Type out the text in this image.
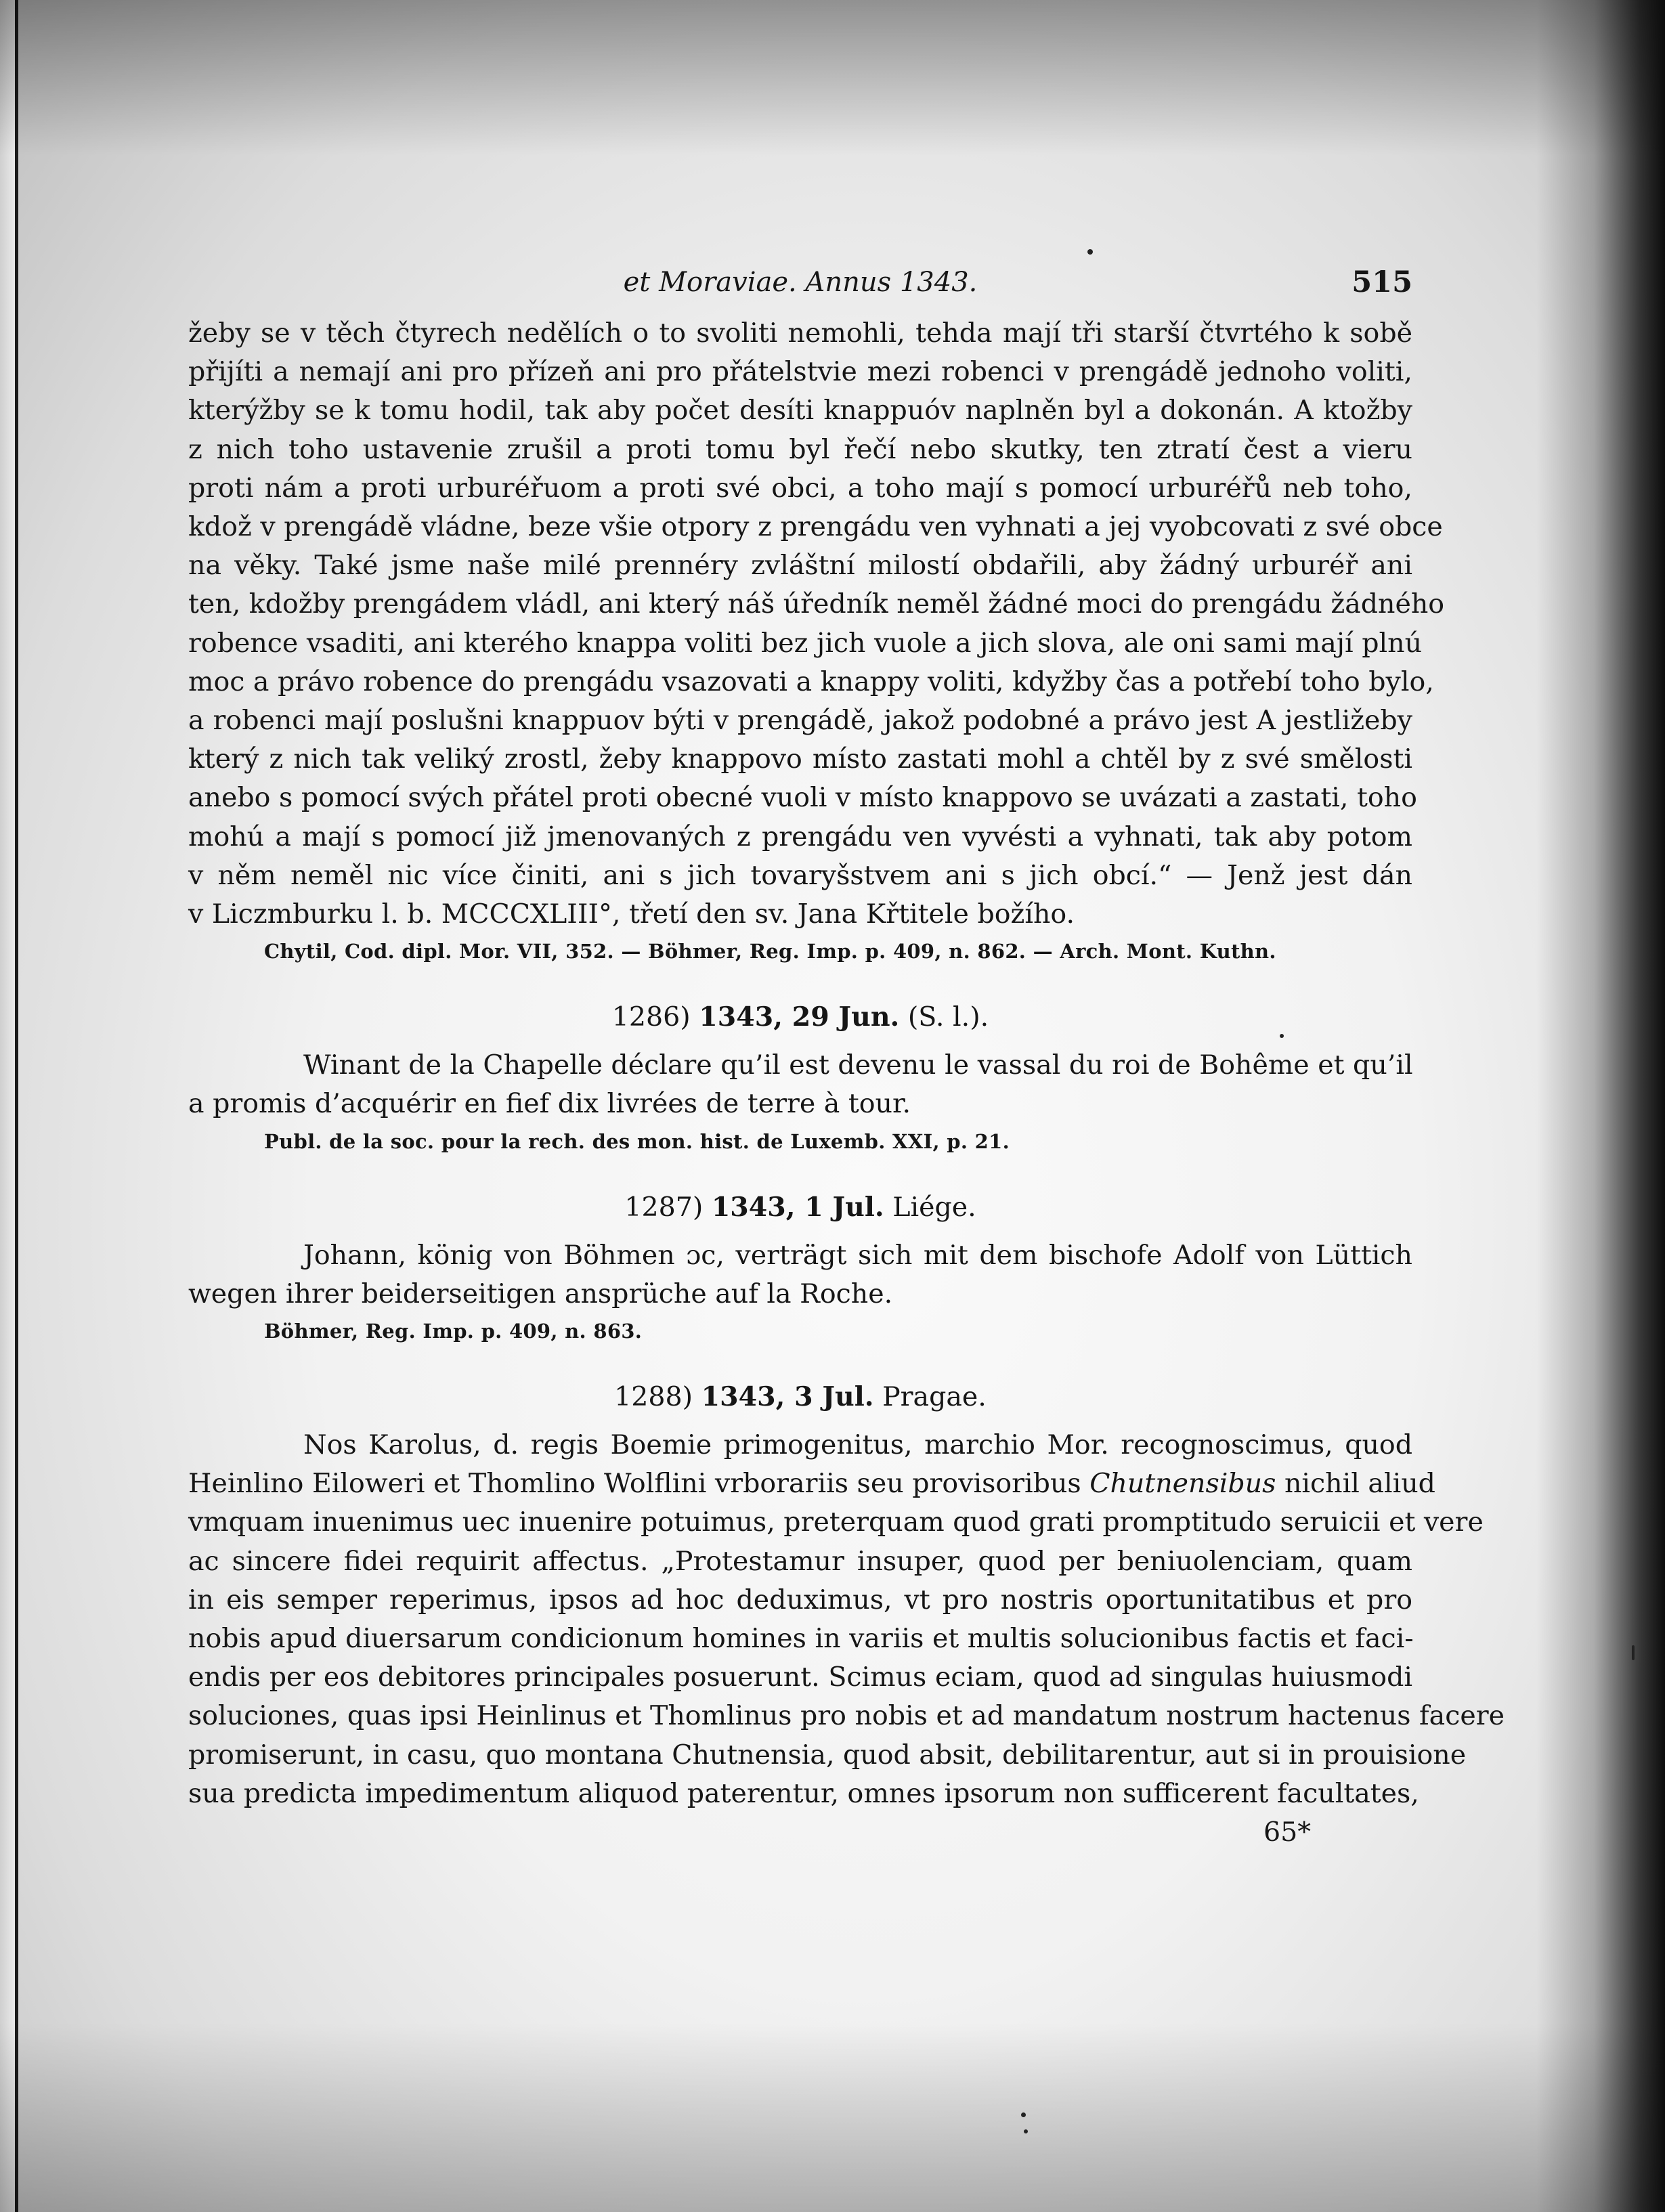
et Moraviae. Annus 1343.	515
žeby se v těch čtyrech nedělích o to svoliti nemohli, tehda mají tři starší čtvrtého k sobě
přijíti a nemají ani pro přízeň ani pro přátelstvie mezi robenci v prengádě jednoho voliti,
kterýžby se k tomu hodil, tak aby počet desíti knappuóv naplněn byl a dokonán. A ktožby
z nich toho ustavenie zrušil a proti tomu byl řečí nebo skutky, ten ztratí čest a vieru
proti nám a proti urburéřuom a proti své obci, a toho mají s pomocí urburéřů neb toho,
kdož v prengádě vládne, beze všie otpory z prengádu ven vyhnati a jej vyobcovati z své obce
na věky. Také jsme naše milé prennéry zvláštní milostí obdařili, aby žádný urburéř ani
ten, kdožby prengádem vládl, ani který náš úředník neměl žádné moci do prengádu žádného
robence vsaditi, ani kterého knappa voliti bez jich vuole a jich slova, ale oni sami mají plnú
moc a právo robence do prengádu vsazovati a knappy voliti, kdyžby čas a potřebí toho bylo,
a robenci mají poslušni knappuov býti v prengádě, jakož podobné a právo jest A jestližeby
který z nich tak veliký zrostl, žeby knappovo místo zastati mohl a chtěl by z své smělosti
anebo s pomocí svých přátel proti obecné vuoli v místo knappovo se uvázati a zastati, toho
mohú a mají s pomocí již jmenovaných z prengádu ven vyvésti a vyhnati, tak aby potom
v něm neměl nic více činiti, ani s jich tovaryšstvem ani s jich obcí.“ — Jenž jest dán
v Liczmburku l. b. MCCCXLIII°, třetí den sv. Jana Křtitele božího.
Chytil, Cod. dipl. Mor. VII, 352. — Böhmer, Reg. Imp. p. 409, n. 862. — Arch. Mont. Kuthn.
1286) 1343, 29 Jun. (S. l.).
Winant de la Chapelle déclare qu’il est devenu le vassal du roi de Bohême et qu’il
a promis d’acquérir en fief dix livrées de terre à tour.
Publ. de la soc. pour la rech. des mon. hist. de Luxemb. XXI, p. 21.
1287) 1343, 1 Jul. Liége.
Johann, könig von Böhmen ɔc, verträgt sich mit dem bischofe Adolf von Lüttich
wegen ihrer beiderseitigen ansprüche auf la Roche.
Böhmer, Reg. Imp. p. 409, n. 863.
1288) 1343, 3 Jul. Pragae.
Nos Karolus, d. regis Boemie primogenitus, marchio Mor. recognoscimus, quod
Heinlino Eiloweri et Thomlino Wolflini vrborariis seu provisoribus Chutnensibus nichil aliud
vmquam inuenimus uec inuenire potuimus, preterquam quod grati promptitudo seruicii et vere
ac sincere fidei requirit affectus. „Protestamur insuper, quod per beniuolenciam, quam
in eis semper reperimus, ipsos ad hoc deduximus, vt pro nostris oportunitatibus et pro
nobis apud diuersarum condicionum homines in variis et multis solucionibus factis et faci-
endis per eos debitores principales posuerunt. Scimus eciam, quod ad singulas huiusmodi
soluciones, quas ipsi Heinlinus et Thomlinus pro nobis et ad mandatum nostrum hactenus facere
promiserunt, in casu, quo montana Chutnensia, quod absit, debilitarentur, aut si in prouisione
sua predicta impedimentum aliquod paterentur, omnes ipsorum non sufficerent facultates,
65*
